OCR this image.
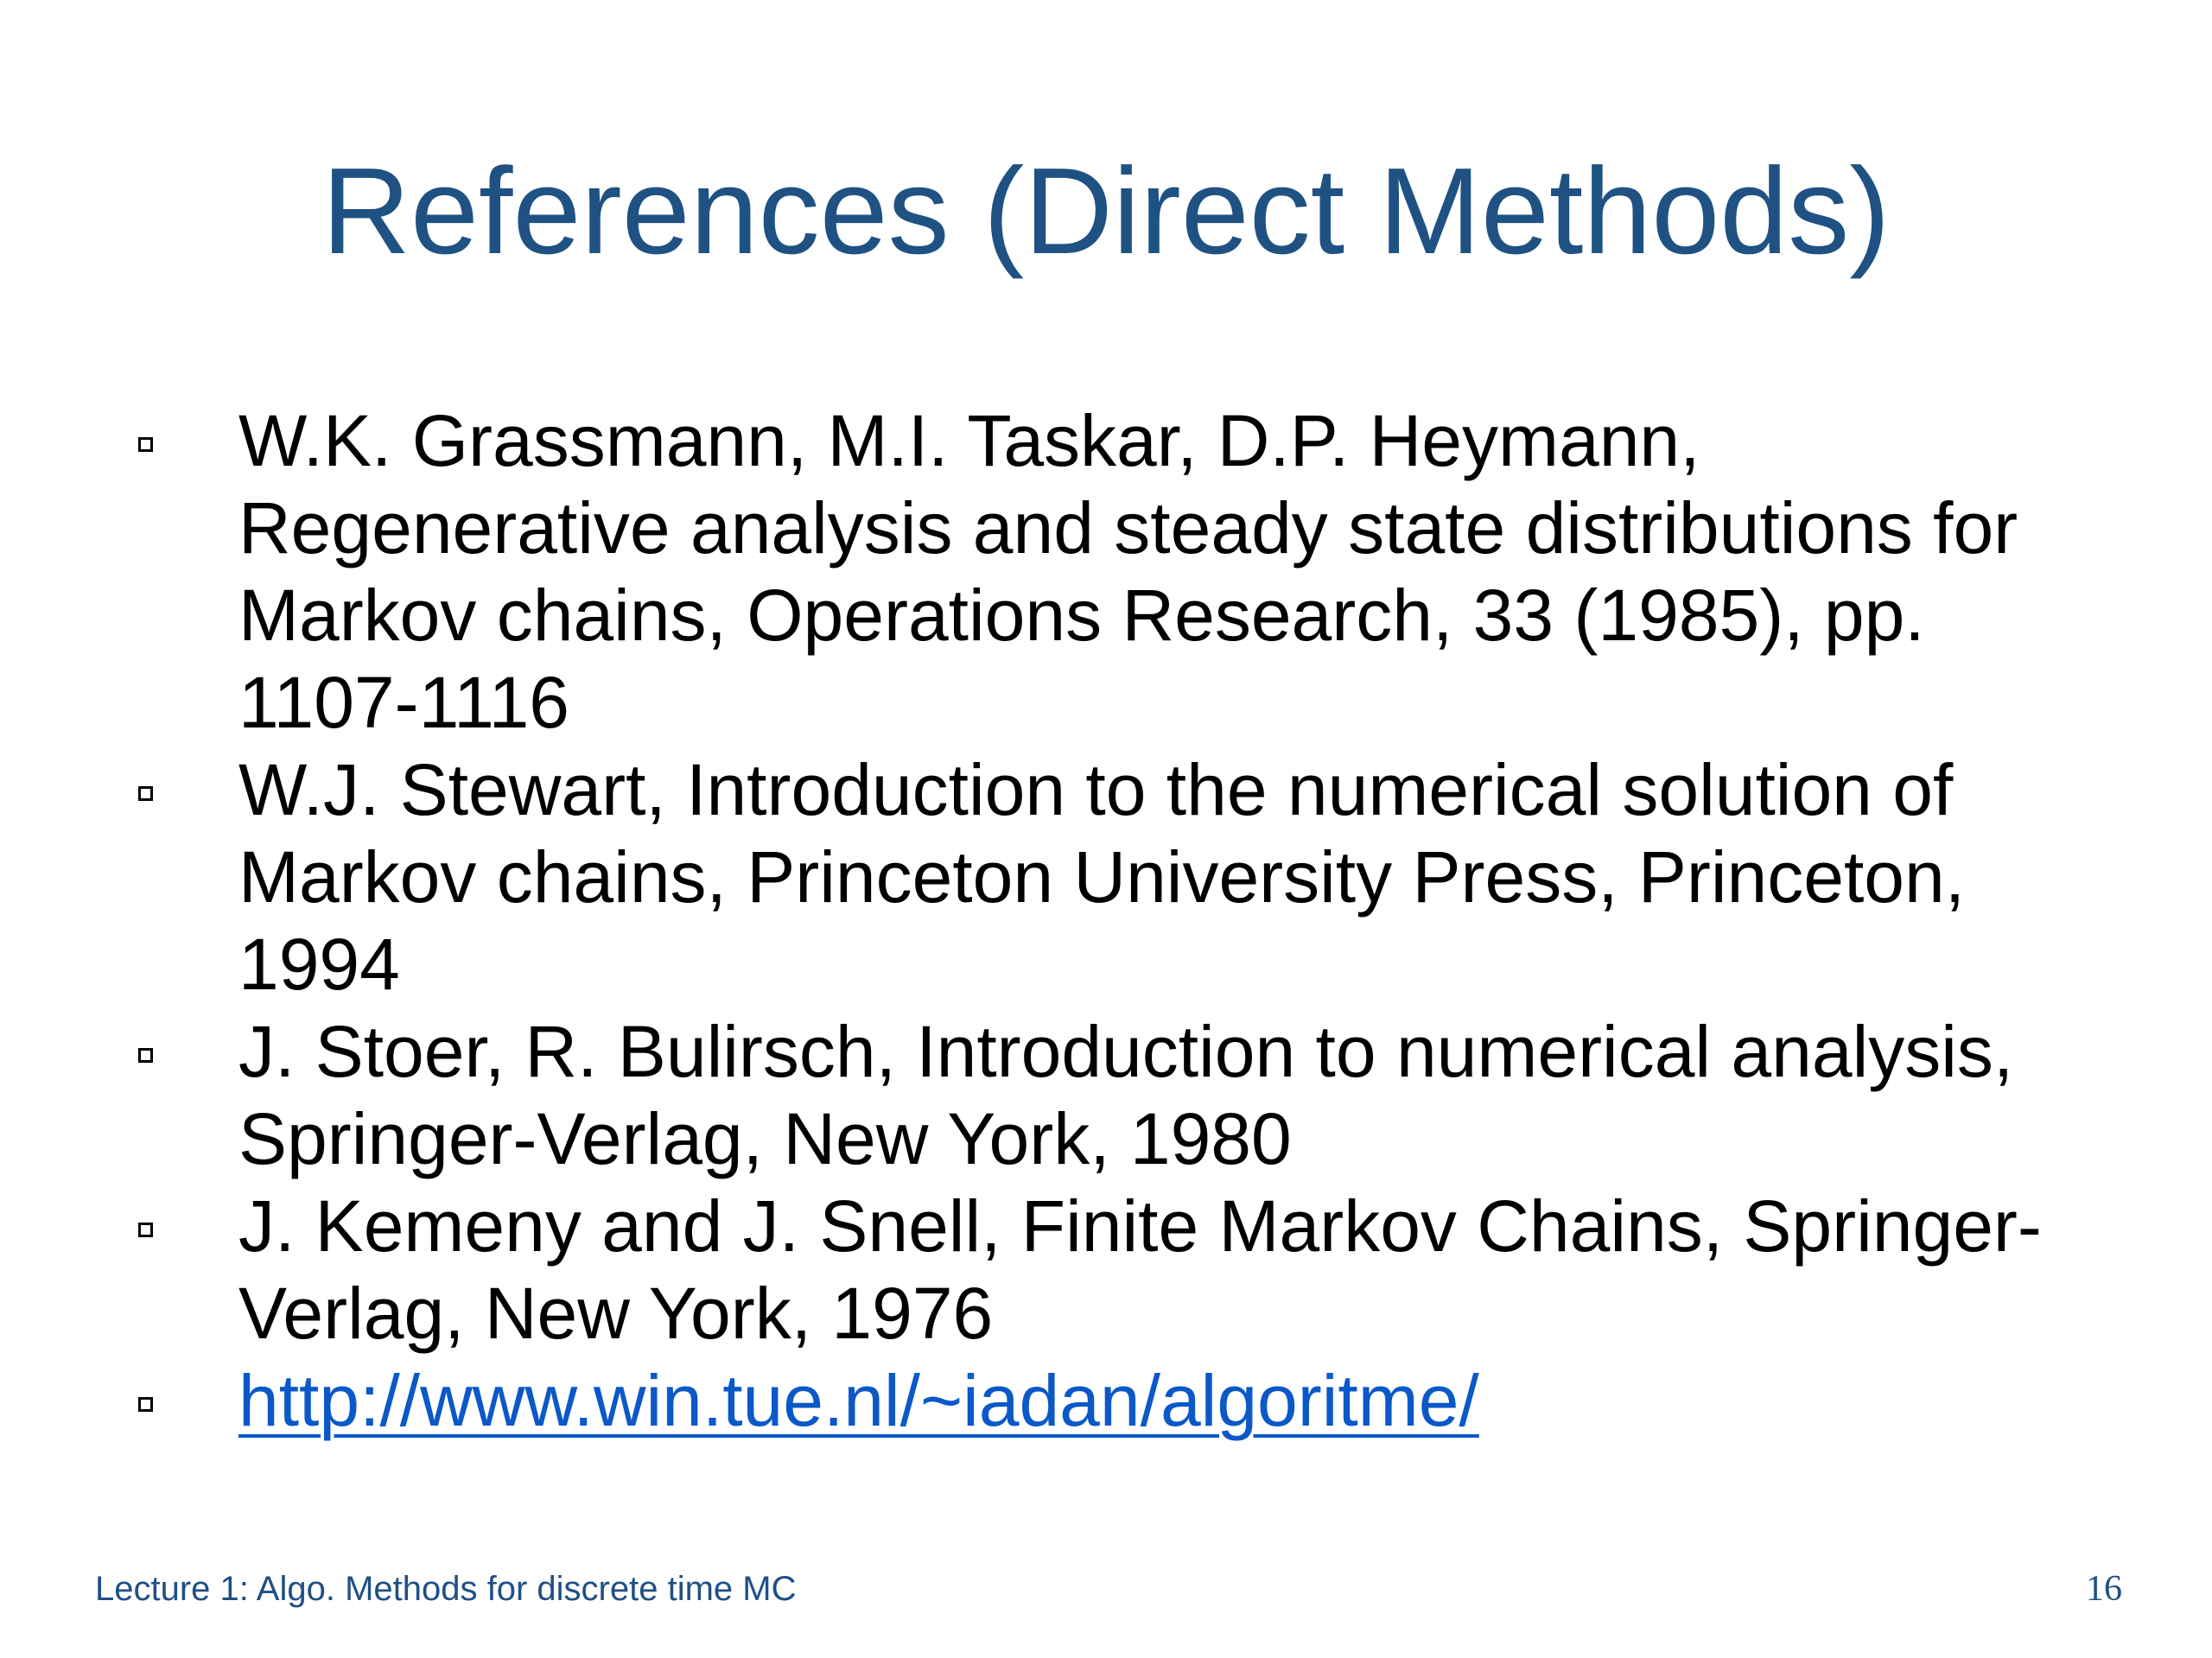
References (Direct Methods)
W.K. Grassmann, M.I. Taskar, D.P. Heymann, Regenerative analysis and steady state distributions for Markov chains, Operations Research, 33 (1985), pp. 1107-1116
W.J. Stewart, Introduction to the numerical solution of Markov chains, Princeton University Press, Princeton, 1994
J. Stoer, R. Bulirsch, Introduction to numerical analysis, Springer-Verlag, New York, 1980
J. Kemeny and J. Snell, Finite Markov Chains, Springer-Verlag, New York, 1976
http://www.win.tue.nl/~iadan/algoritme/
Lecture 1: Algo. Methods for discrete time MC	16
